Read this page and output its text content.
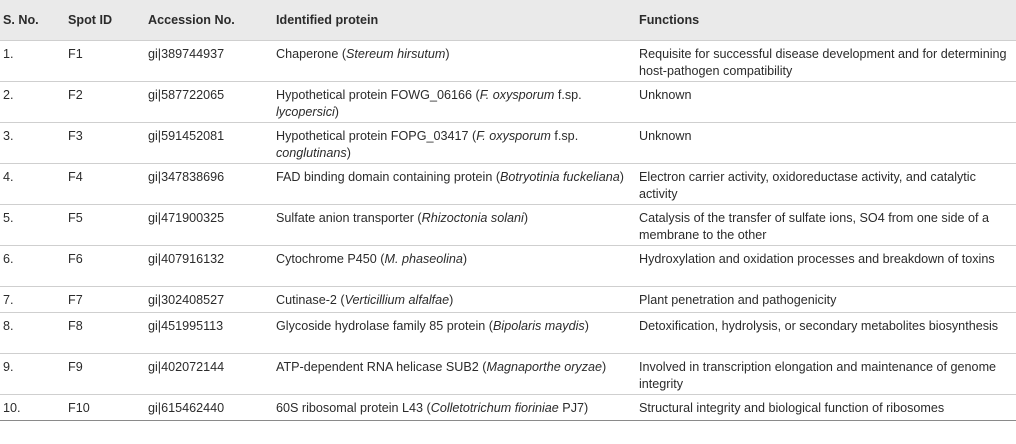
S. No.	Spot ID	Accession No.	Identified protein	Functions
1.	F1	gi|389744937	Chaperone (Stereum hirsutum)	Requisite for successful disease development and for determining host-pathogen compatibility
2.	F2	gi|587722065	Hypothetical protein FOWG_06166 (F. oxysporum f.sp. lycopersici)	Unknown
3.	F3	gi|591452081	Hypothetical protein FOPG_03417 (F. oxysporum f.sp. conglutinans)	Unknown
4.	F4	gi|347838696	FAD binding domain containing protein (Botryotinia fuckeliana)	Electron carrier activity, oxidoreductase activity, and catalytic activity
5.	F5	gi|471900325	Sulfate anion transporter (Rhizoctonia solani)	Catalysis of the transfer of sulfate ions, SO4 from one side of a membrane to the other
6.	F6	gi|407916132	Cytochrome P450 (M. phaseolina)	Hydroxylation and oxidation processes and breakdown of toxins
7.	F7	gi|302408527	Cutinase-2 (Verticillium alfalfae)	Plant penetration and pathogenicity
8.	F8	gi|451995113	Glycoside hydrolase family 85 protein (Bipolaris maydis)	Detoxification, hydrolysis, or secondary metabolites biosynthesis
9.	F9	gi|402072144	ATP-dependent RNA helicase SUB2 (Magnaporthe oryzae)	Involved in transcription elongation and maintenance of genome integrity
10.	F10	gi|615462440	60S ribosomal protein L43 (Colletotrichum fioriniae PJ7)	Structural integrity and biological function of ribosomes
